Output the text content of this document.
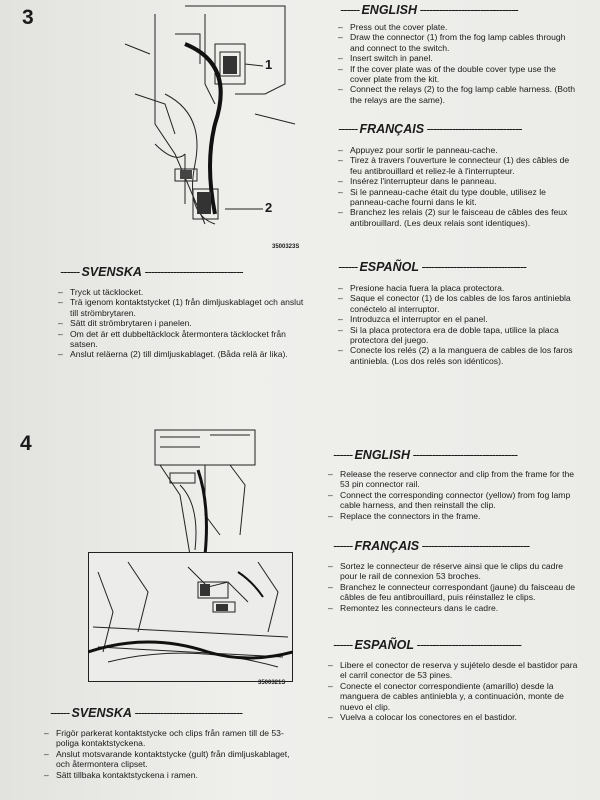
3
1
2
3500323S
------ ENGLISH -------------------------------
– Press out the cover plate.
– Draw the connector (1) from the fog lamp cables through and connect to the switch.
– Insert switch in panel.
– If the cover plate was of the double cover type use the cover plate from the kit.
– Connect the relays (2) to the fog lamp cable harness. (Both the relays are the same).
------ FRANÇAIS ------------------------------
– Appuyez pour sortir le panneau-cache.
– Tirez à travers l'ouverture le connecteur (1) des câbles de feu antibrouillard et reliez-le à l'interrupteur.
– Insérez l'interrupteur dans le panneau.
– Si le panneau-cache était du type double, utilisez le panneau-cache fourni dans le kit.
– Branchez les relais (2) sur le faisceau de câbles des feux antibrouillard. (Les deux relais sont identiques).
------ SVENSKA -------------------------------
– Tryck ut täcklocket.
– Trä igenom kontaktstycket (1) från dimljuskablaget och anslut till strömbrytaren.
– Sätt dit strömbrytaren i panelen.
– Om det är ett dubbeltäcklock återmontera täcklocket från satsen.
– Anslut reläerna (2) till dimljuskablaget. (Båda relä är lika).
------ ESPAÑOL ---------------------------------
– Presione hacia fuera la placa protectora.
– Saque el conector (1) de los cables de los faros antiniebla conéctelo al interruptor.
– Introduzca el interruptor en el panel.
– Si la placa protectora era de doble tapa, utilice la placa protectora del juego.
– Conecte los relés (2) a la manguera de cables de los faros antiniebla. (Los dos relés son idénticos).
4
3500321S
------ ENGLISH ---------------------------------
– Release the reserve connector and clip from the frame for the 53 pin connector rail.
– Connect the corresponding connector (yellow) from fog lamp cable harness, and then reinstall the clip.
– Replace the connectors in the frame.
------ FRANÇAIS ----------------------------------
– Sortez le connecteur de réserve ainsi que le clips du cadre pour le rail de connexion 53 broches.
– Branchez le connecteur correspondant (jaune) du faisceau de câbles de feu antibrouillard, puis réinstallez le clips.
– Remontez les connecteurs dans le cadre.
------ ESPAÑOL ---------------------------------
– Libere el conector de reserva y sujételo desde el bastidor para el carril conector de 53 pines.
– Conecte el conector correspondiente (amarillo) desde la manguera de cables antiniebla y, a continuación, monte de nuevo el clip.
– Vuelva a colocar los conectores en el bastidor.
------ SVENSKA ----------------------------------
– Frigör parkerat kontaktstycke och clips från ramen till de 53-poliga kontaktstyckena.
– Anslut motsvarande kontaktstycke (gult) från dimljuskablaget, och återmontera clipset.
– Sätt tillbaka kontaktstyckena i ramen.
